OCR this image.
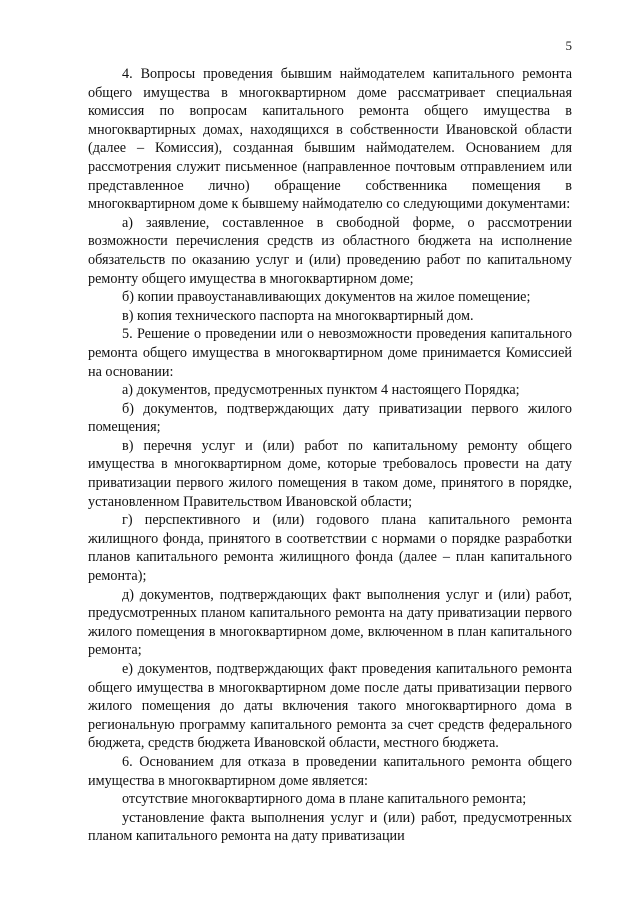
5

4. Вопросы проведения бывшим наймодателем капитального ремонта общего имущества в многоквартирном доме рассматривает специальная комиссия по вопросам капитального ремонта общего имущества в многоквартирных домах, находящихся в собственности Ивановской области (далее – Комиссия), созданная бывшим наймодателем. Основанием для рассмотрения служит письменное (направленное почтовым отправлением или представленное лично) обращение собственника помещения в многоквартирном доме к бывшему наймодателю со следующими документами:

а) заявление, составленное в свободной форме, о рассмотрении возможности перечисления средств из областного бюджета на исполнение обязательств по оказанию услуг и (или) проведению работ по капитальному ремонту общего имущества в многоквартирном доме;

б) копии правоустанавливающих документов на жилое помещение;

в) копия технического паспорта на многоквартирный дом.

5. Решение о проведении или о невозможности проведения капитального ремонта общего имущества в многоквартирном доме принимается Комиссией на основании:

а) документов, предусмотренных пунктом 4 настоящего Порядка;

б) документов, подтверждающих дату приватизации первого жилого помещения;

в) перечня услуг и (или) работ по капитальному ремонту общего имущества в многоквартирном доме, которые требовалось провести на дату приватизации первого жилого помещения в таком доме, принятого в порядке, установленном Правительством Ивановской области;

г) перспективного и (или) годового плана капитального ремонта жилищного фонда, принятого в соответствии с нормами о порядке разработки планов капитального ремонта жилищного фонда (далее – план капитального ремонта);

д) документов, подтверждающих факт выполнения услуг и (или) работ, предусмотренных планом капитального ремонта на дату приватизации первого жилого помещения в многоквартирном доме, включенном в план капитального ремонта;

е) документов, подтверждающих факт проведения капитального ремонта общего имущества в многоквартирном доме после даты приватизации первого жилого помещения до даты включения такого многоквартирного дома в региональную программу капитального ремонта за счет средств федерального бюджета, средств бюджета Ивановской области, местного бюджета.

6. Основанием для отказа в проведении капитального ремонта общего имущества в многоквартирном доме является:

отсутствие многоквартирного дома в плане капитального ремонта;

установление факта выполнения услуг и (или) работ, предусмотренных планом капитального ремонта на дату приватизации
